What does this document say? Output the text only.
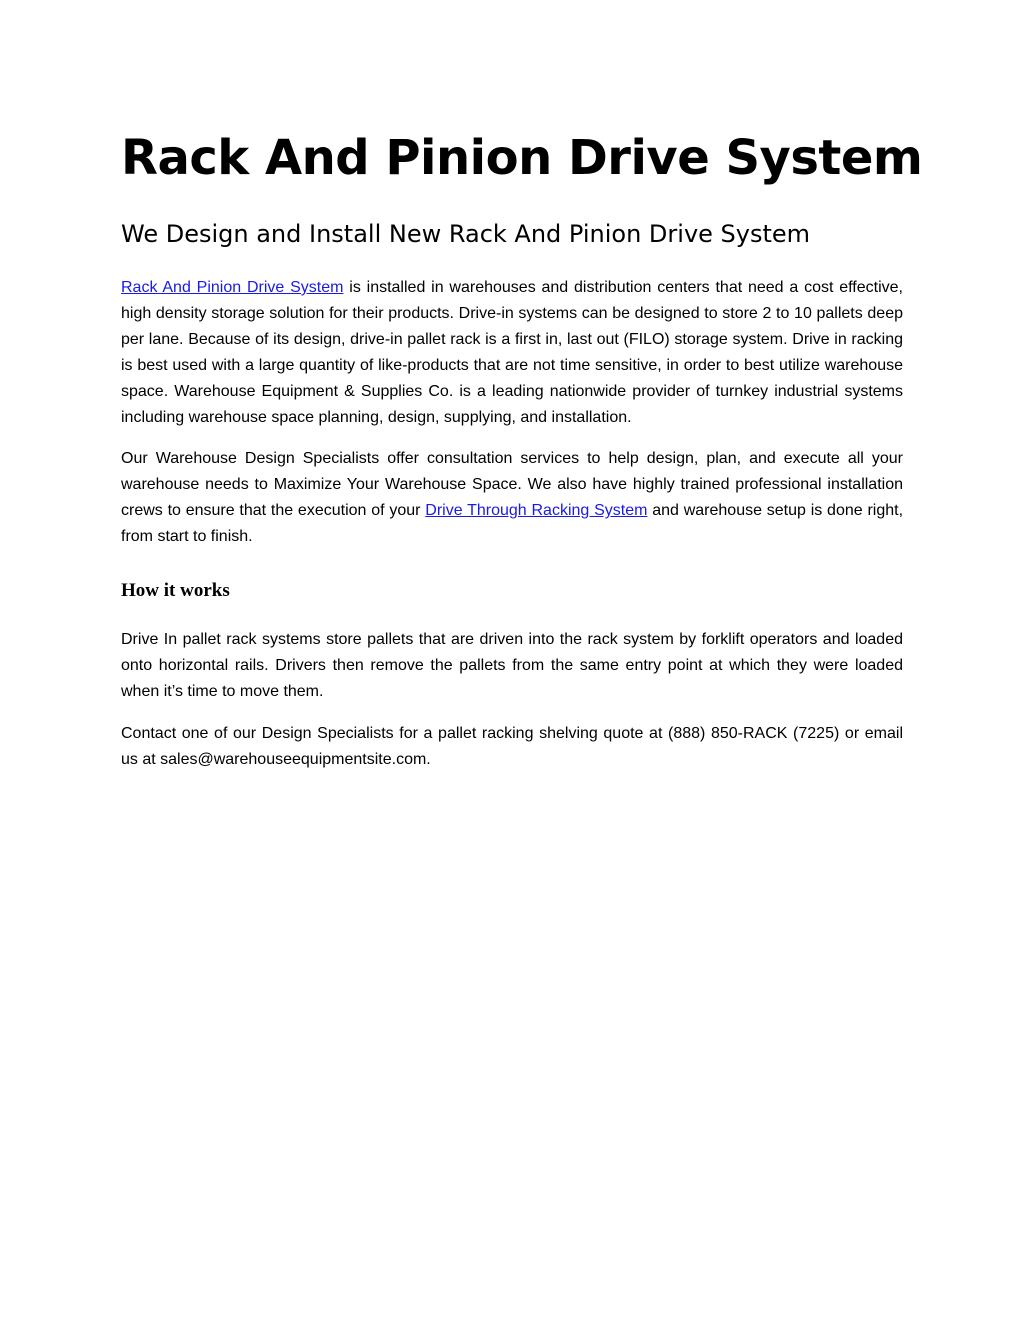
Rack And Pinion Drive System
We Design and Install New Rack And Pinion Drive System

Rack And Pinion Drive System is installed in warehouses and distribution centers that need a cost effective, high density storage solution for their products. Drive-in systems can be designed to store 2 to 10 pallets deep per lane. Because of its design, drive-in pallet rack is a first in, last out (FILO) storage system. Drive in racking is best used with a large quantity of like-products that are not time sensitive, in order to best utilize warehouse space. Warehouse Equipment & Supplies Co. is a leading nationwide provider of turnkey industrial systems including warehouse space planning, design, supplying, and installation.

Our Warehouse Design Specialists offer consultation services to help design, plan, and execute all your warehouse needs to Maximize Your Warehouse Space. We also have highly trained professional installation crews to ensure that the execution of your Drive Through Racking System and warehouse setup is done right, from start to finish.

How it works

Drive In pallet rack systems store pallets that are driven into the rack system by forklift operators and loaded onto horizontal rails. Drivers then remove the pallets from the same entry point at which they were loaded when it’s time to move them.

Contact one of our Design Specialists for a pallet racking shelving quote at (888) 850-RACK (7225) or email us at sales@warehouseequipmentsite.com.
